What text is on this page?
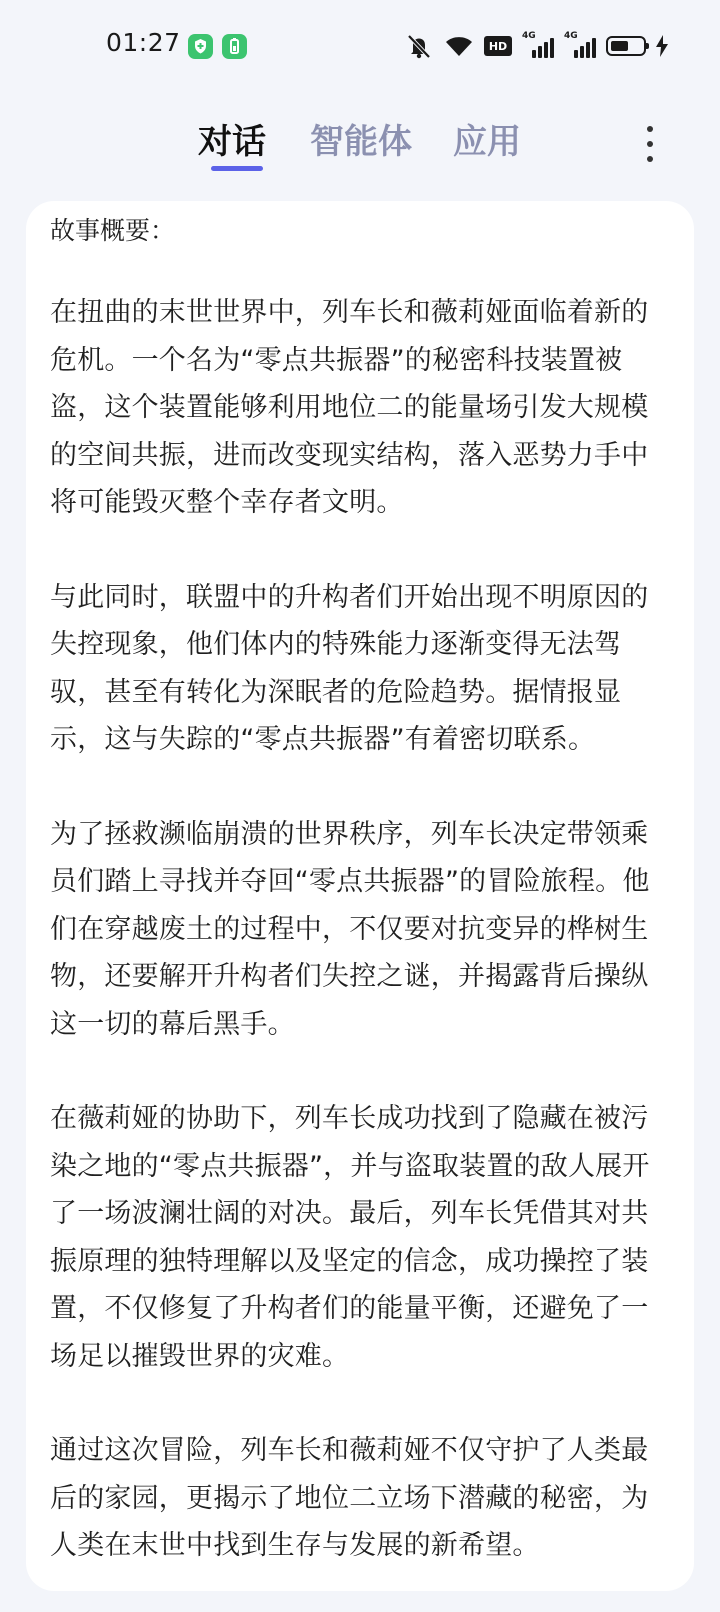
01:27	HD
4G	4G
对话 智能体 应用

故事概要：

在扭曲的末世世界中，列车长和薇莉娅面临着新的危机。一个名为“零点共振器”的秘密科技装置被盗，这个装置能够利用地位二的能量场引发大规模的空间共振，进而改变现实结构，落入恶势力手中将可能毁灭整个幸存者文明。

与此同时，联盟中的升构者们开始出现不明原因的失控现象，他们体内的特殊能力逐渐变得无法驾驭，甚至有转化为深眠者的危险趋势。据情报显示，这与失踪的“零点共振器”有着密切联系。

为了拯救濒临崩溃的世界秩序，列车长决定带领乘员们踏上寻找并夺回“零点共振器”的冒险旅程。他们在穿越废土的过程中，不仅要对抗变异的桦树生物，还要解开升构者们失控之谜，并揭露背后操纵这一切的幕后黑手。

在薇莉娅的协助下，列车长成功找到了隐藏在被污染之地的“零点共振器”，并与盗取装置的敌人展开了一场波澜壮阔的对决。最后，列车长凭借其对共振原理的独特理解以及坚定的信念，成功操控了装置，不仅修复了升构者们的能量平衡，还避免了一场足以摧毁世界的灾难。

通过这次冒险，列车长和薇莉娅不仅守护了人类最后的家园，更揭示了地位二立场下潜藏的秘密，为人类在末世中找到生存与发展的新希望。
